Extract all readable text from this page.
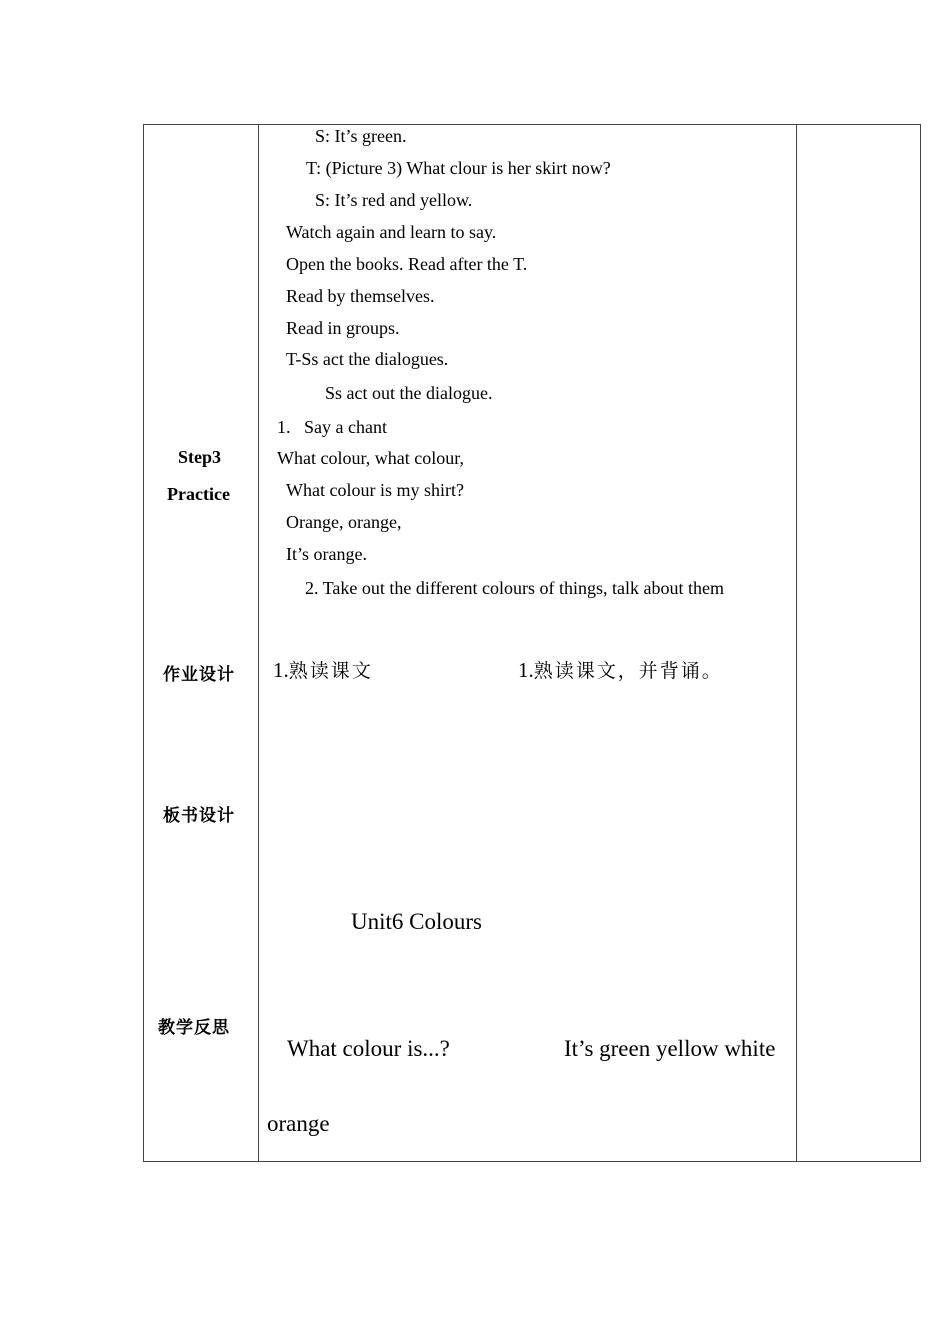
Step3
Practice
作业设计
板书设计
教学反思
S: It’s green.
T: (Picture 3) What clour is her skirt now?
S: It’s red and yellow.
Watch again and learn to say.
Open the books. Read after the T.
Read by themselves.
Read in groups.
T-Ss act the dialogues.
Ss act out the dialogue.
1.   Say a chant
What colour, what colour,
What colour is my shirt?
Orange, orange,
It’s orange.
2. Take out the different colours of things, talk about them
1.熟读课文	1.熟读课文，并背诵。
Unit6 Colours
What colour is...?	It’s green yellow white
orange
